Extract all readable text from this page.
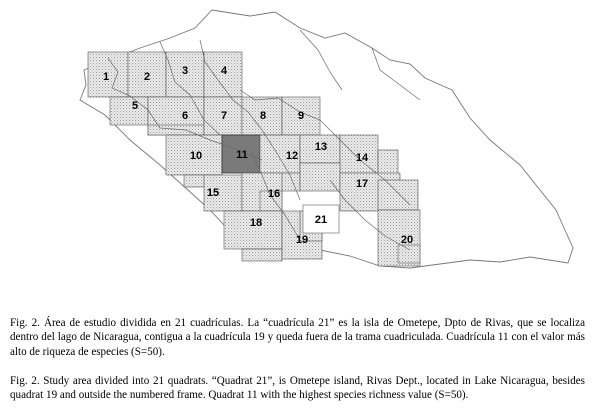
1	2	3	4
5
6	7	8	9
10	11	12
13
14
15	16
17
18
19	20
21
Fig. 2. Área de estudio dividida en 21 cuadrículas. La “cuadrícula 21” es la isla de Ometepe, Dpto de Rivas, que se localiza dentro del lago de Nicaragua, contigua a la cuadrícula 19 y queda fuera de la trama cuadriculada. Cuadrícula 11 con el valor más alto de riqueza de especies (S=50).
Fig. 2. Study area divided into 21 quadrats. “Quadrat 21”, is Ometepe island, Rivas Dept., located in Lake Nicaragua, besides quadrat 19 and outside the numbered frame. Quadrat 11 with the highest species richness value (S=50).
